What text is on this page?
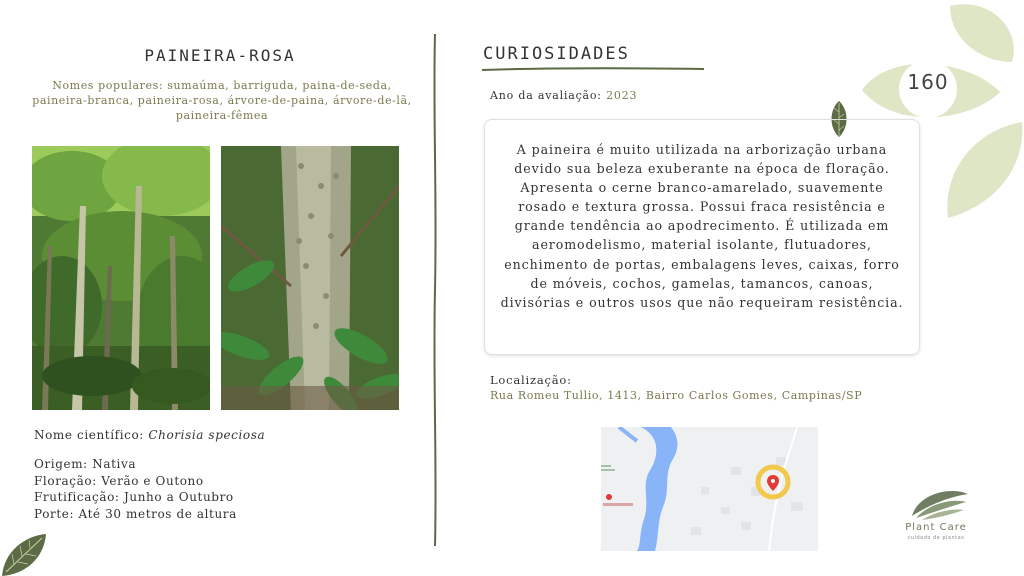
160
PAINEIRA-ROSA
Nomes populares: sumaúma, barriguda, paina-de-seda, paineira-branca, paineira-rosa, árvore-de-paina, árvore-de-lã, paineira-fêmea
Nome científico: Chorisia speciosa
Origem: Nativa
Floração: Verão e Outono
Frutificação: Junho a Outubro
Porte: Até 30 metros de altura
CURIOSIDADES
Ano da avaliação: 2023
A paineira é muito utilizada na arborização urbana devido sua beleza exuberante na época de floração. Apresenta o cerne branco-amarelado, suavemente rosado e textura grossa. Possui fraca resistência e grande tendência ao apodrecimento. É utilizada em aeromodelismo, material isolante, flutuadores, enchimento de portas, embalagens leves, caixas, forro de móveis, cochos, gamelas, tamancos, canoas, divisórias e outros usos que não requeiram resistência.
Localização:
Rua Romeu Tullio, 1413, Bairro Carlos Gomes, Campinas/SP
Plant Care
cuidado de plantas
